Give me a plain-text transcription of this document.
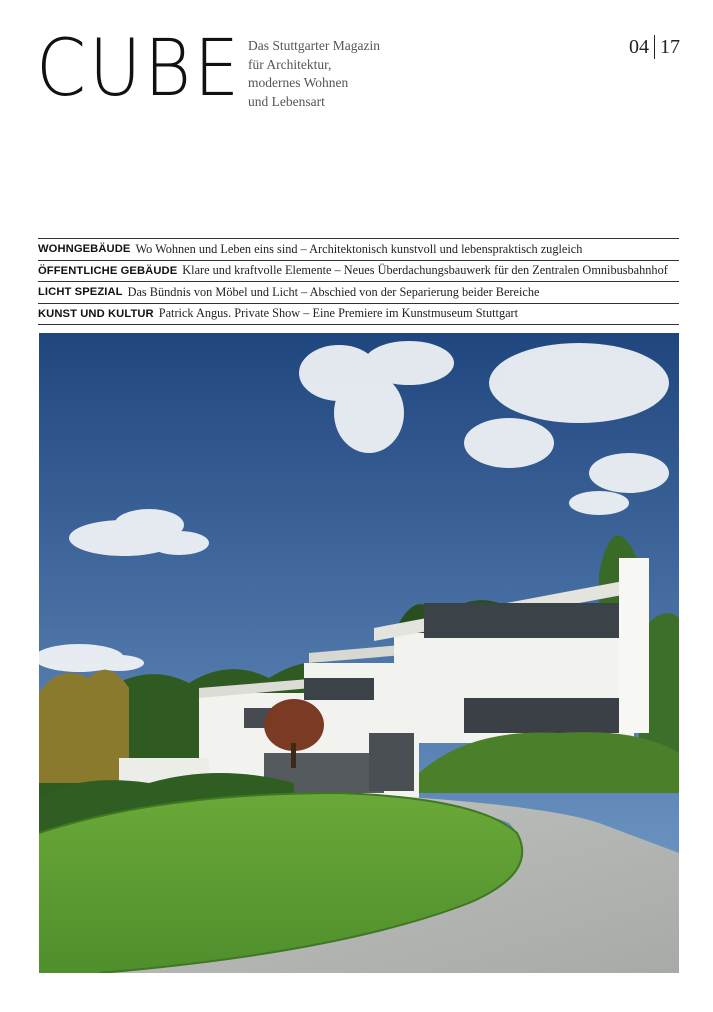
CUBE Das Stuttgarter Magazin
für Architektur,
modernes Wohnen
und Lebensart
04 17
WOHNGEBÄUDE Wo Wohnen und Leben eins sind – Architektonisch kunstvoll und lebenspraktisch zugleich
ÖFFENTLICHE GEBÄUDE Klare und kraftvolle Elemente – Neues Überdachungsbauwerk für den Zentralen Omnibusbahnhof
LICHT SPEZIAL Das Bündnis von Möbel und Licht – Abschied von der Separierung beider Bereiche
KUNST UND KULTUR Patrick Angus. Private Show – Eine Premiere im Kunstmuseum Stuttgart
